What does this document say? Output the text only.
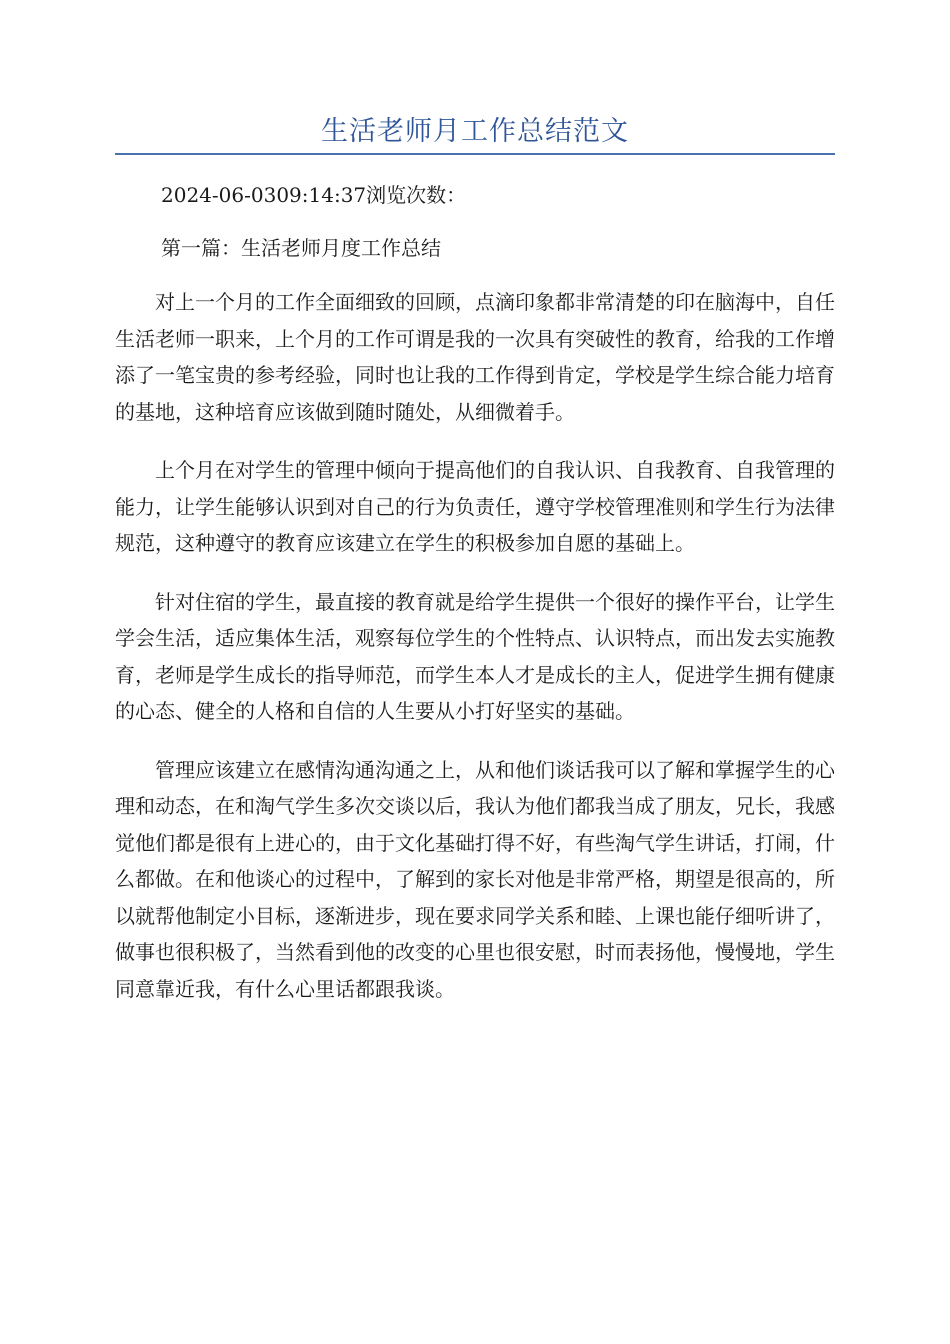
生活老师月工作总结范文
2024-06-0309:14:37浏览次数：
第一篇：生活老师月度工作总结

对上一个月的工作全面细致的回顾，点滴印象都非常清楚的印在脑海中，自任生活老师一职来，上个月的工作可谓是我的一次具有突破性的教育，给我的工作增添了一笔宝贵的参考经验，同时也让我的工作得到肯定，学校是学生综合能力培育的基地，这种培育应该做到随时随处，从细微着手。

上个月在对学生的管理中倾向于提高他们的自我认识、自我教育、自我管理的能力，让学生能够认识到对自己的行为负责任，遵守学校管理准则和学生行为法律规范，这种遵守的教育应该建立在学生的积极参加自愿的基础上。

针对住宿的学生，最直接的教育就是给学生提供一个很好的操作平台，让学生学会生活，适应集体生活，观察每位学生的个性特点、认识特点，而出发去实施教育，老师是学生成长的指导师范，而学生本人才是成长的主人，促进学生拥有健康的心态、健全的人格和自信的人生要从小打好坚实的基础。

管理应该建立在感情沟通沟通之上，从和他们谈话我可以了解和掌握学生的心理和动态，在和淘气学生多次交谈以后，我认为他们都我当成了朋友，兄长，我感觉他们都是很有上进心的，由于文化基础打得不好，有些淘气学生讲话，打闹，什么都做。在和他谈心的过程中，了解到的家长对他是非常严格，期望是很高的，所以就帮他制定小目标，逐渐进步，现在要求同学关系和睦、上课也能仔细听讲了，做事也很积极了，当然看到他的改变的心里也很安慰，时而表扬他，慢慢地，学生同意靠近我，有什么心里话都跟我谈。
